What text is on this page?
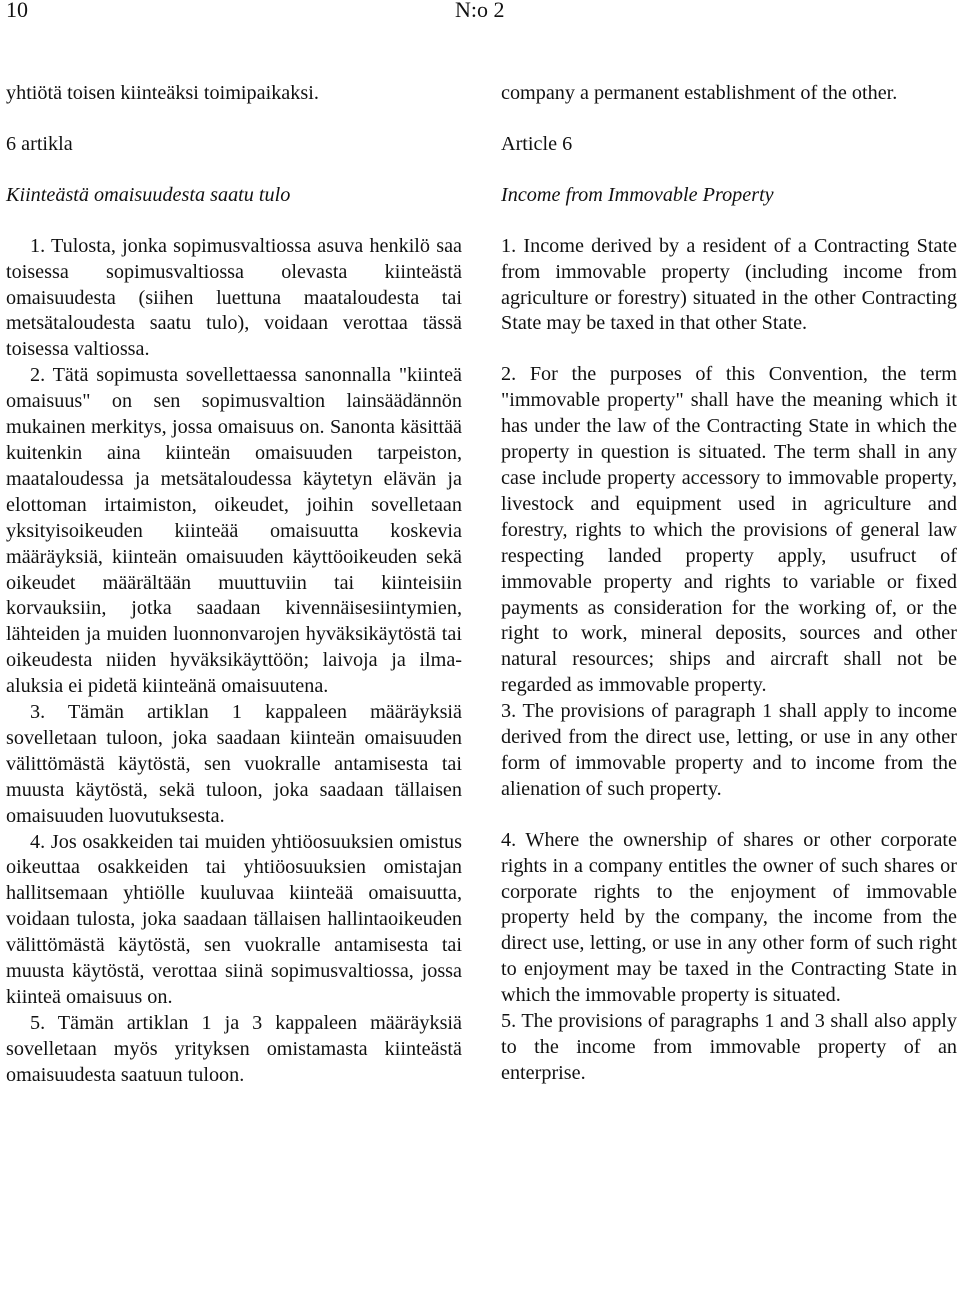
10	N:o 2

yhtiötä toisen kiinteäksi toimipaikaksi.

6 artikla

Kiinteästä omaisuudesta saatu tulo

1. Tulosta, jonka sopimusvaltiossa asuva henkilö saa toisessa sopimusvaltiossa olevasta kiinteästä omaisuudesta (siihen luettuna maataloudesta tai metsätaloudesta saatu tulo), voidaan verottaa tässä toisessa valtiossa.

2. Tätä sopimusta sovellettaessa sanonnalla "kiinteä omaisuus" on sen sopimusvaltion lainsäädännön mukainen merkitys, jossa omaisuus on. Sanonta käsittää kuitenkin aina kiinteän omaisuuden tarpeiston, maataloudessa ja metsätaloudessa käytetyn elävän ja elottoman irtaimiston, oikeudet, joihin sovelletaan yksityisoikeuden kiinteää omaisuutta koskevia määräyksiä, kiinteän omaisuuden käyttöoikeuden sekä oikeudet määrältään muuttuviin tai kiinteisiin korvauksiin, jotka saadaan kivennäisesiintymien, lähteiden ja muiden luonnonvarojen hyväksikäytöstä tai oikeudesta niiden hyväksikäyttöön; laivoja ja ilma-aluksia ei pidetä kiinteänä omaisuutena.

3. Tämän artiklan 1 kappaleen määräyksiä sovelletaan tuloon, joka saadaan kiinteän omaisuuden välittömästä käytöstä, sen vuokralle antamisesta tai muusta käytöstä, sekä tuloon, joka saadaan tällaisen omaisuuden luovutuksesta.

4. Jos osakkeiden tai muiden yhtiöosuuksien omistus oikeuttaa osakkeiden tai yhtiöosuuksien omistajan hallitsemaan yhtiölle kuuluvaa kiinteää omaisuutta, voidaan tulosta, joka saadaan tällaisen hallintaoikeuden välittömästä käytöstä, sen vuokralle antamisesta tai muusta käytöstä, verottaa siinä sopimusvaltiossa, jossa kiinteä omaisuus on.

5. Tämän artiklan 1 ja 3 kappaleen määräyksiä sovelletaan myös yrityksen omistamasta kiinteästä omaisuudesta saatuun tuloon.

company a permanent establishment of the other.

Article 6

Income from Immovable Property

1. Income derived by a resident of a Contracting State from immovable property (including income from agriculture or forestry) situated in the other Contracting State may be taxed in that other State.

2. For the purposes of this Convention, the term "immovable property" shall have the meaning which it has under the law of the Contracting State in which the property in question is situated. The term shall in any case include property accessory to immovable property, livestock and equipment used in agriculture and forestry, rights to which the provisions of general law respecting landed property apply, usufruct of immovable property and rights to variable or fixed payments as consideration for the working of, or the right to work, mineral deposits, sources and other natural resources; ships and aircraft shall not be regarded as immovable property.

3. The provisions of paragraph 1 shall apply to income derived from the direct use, letting, or use in any other form of immovable property and to income from the alienation of such property.

4. Where the ownership of shares or other corporate rights in a company entitles the owner of such shares or corporate rights to the enjoyment of immovable property held by the company, the income from the direct use, letting, or use in any other form of such right to enjoyment may be taxed in the Contracting State in which the immovable property is situated.

5. The provisions of paragraphs 1 and 3 shall also apply to the income from immovable property of an enterprise.
